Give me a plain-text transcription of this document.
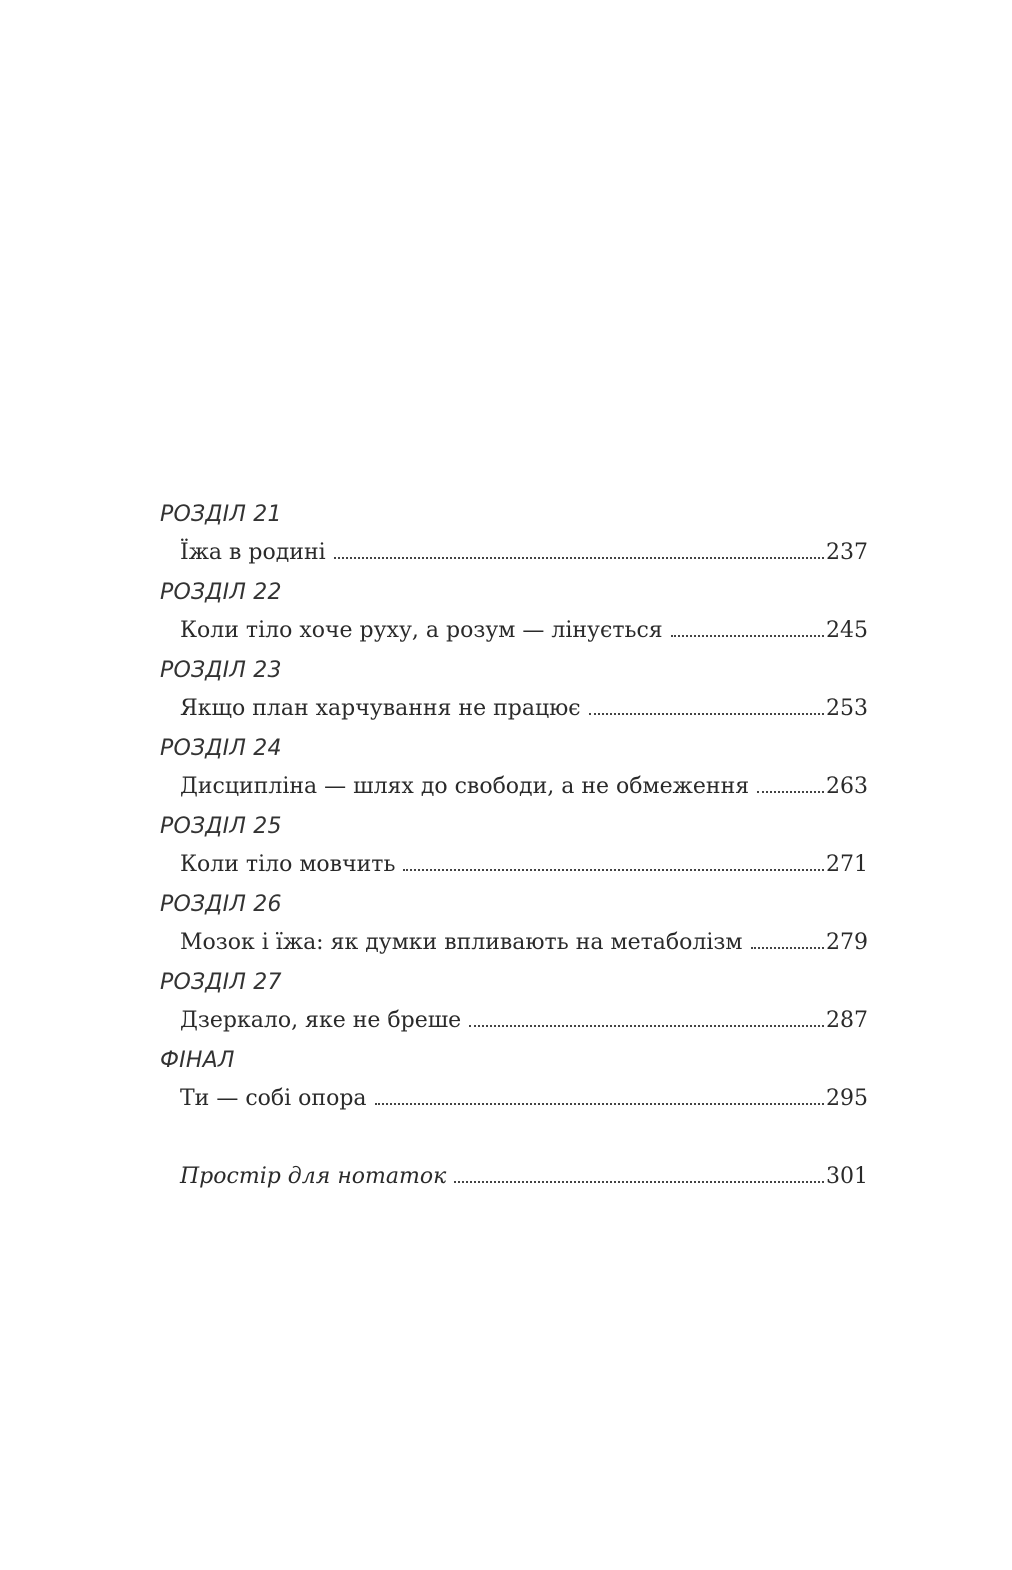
РОЗДІЛ 21
Їжа в родині	237
РОЗДІЛ 22
Коли тіло хоче руху, а розум — лінується	245
РОЗДІЛ 23
Якщо план харчування не працює	253
РОЗДІЛ 24
Дисципліна — шлях до свободи, а не обмеження	263
РОЗДІЛ 25
Коли тіло мовчить	271
РОЗДІЛ 26
Мозок і їжа: як думки впливають на метаболізм	279
РОЗДІЛ 27
Дзеркало, яке не бреше	287
ФІНАЛ
Ти — собі опора	295
Простір для нотаток	301
